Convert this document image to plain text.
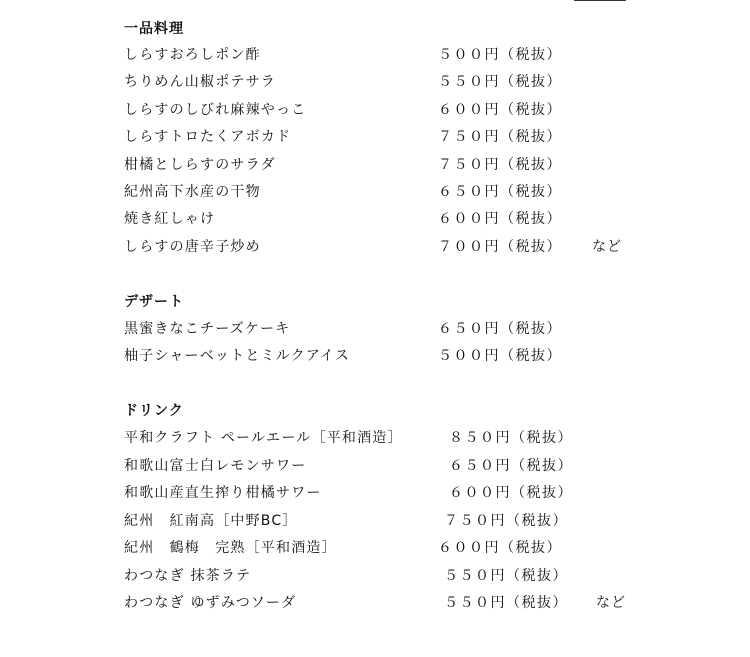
一品料理
しらすおろしポン酢	５００円（税抜）
ちりめん山椒ポテサラ	５５０円（税抜）
しらすのしびれ麻辣やっこ	６００円（税抜）
しらすトロたくアボカド	７５０円（税抜）
柑橘としらすのサラダ	７５０円（税抜）
紀州高下水産の干物	６５０円（税抜）
焼き紅しゃけ	６００円（税抜）
しらすの唐辛子炒め	７００円（税抜） など
デザート
黒蜜きなこチーズケーキ	６５０円（税抜）
柚子シャーベットとミルクアイス	５００円（税抜）
ドリンク
平和クラフト ペールエール［平和酒造］	８５０円（税抜）
和歌山富士白レモンサワー	６５０円（税抜）
和歌山産直生搾り柑橘サワー	６００円（税抜）
紀州　紅南高［中野BC］	７５０円（税抜）
紀州　鶴梅　完熟［平和酒造］	６００円（税抜）
わつなぎ 抹茶ラテ	５５０円（税抜）
わつなぎ ゆずみつソーダ	５５０円（税抜） など
